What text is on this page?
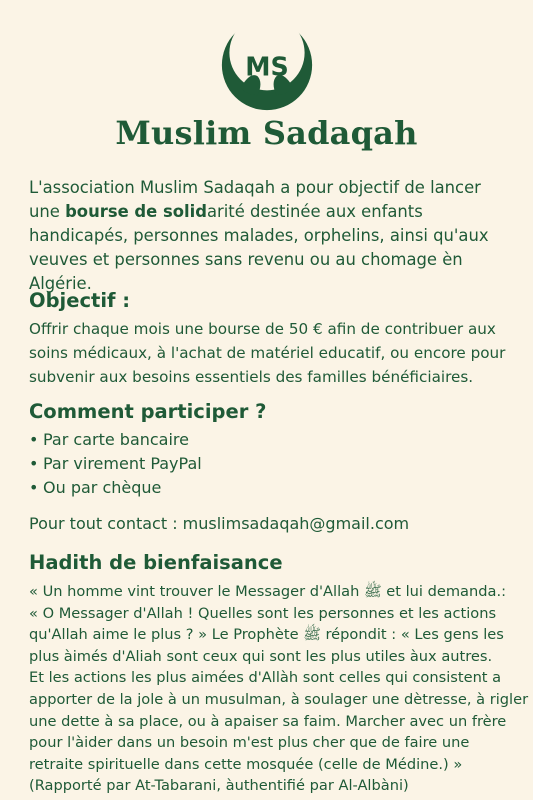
MS
Muslim Sadaqah
L'association Muslim Sadaqah a pour objectif de lancer une bourse de solidarité destinée aux enfants handicapés, personnes malades, orphelins, ainsi qu'aux veuves et personnes sans revenu ou au chomage èn Algérie.
Objectif :

Offrir chaque mois une bourse de 50 € afin de contribuer aux soins médicaux, à l'achat de matériel educatif, ou encore pour subvenir aux besoins essentiels des familles bénéficiaires.

Comment participer ?
• Par carte bancaire
• Par virement PayPal
• Ou par chèque
Pour tout contact : muslimsadaqah@gmail.com
Hadith de bienfaisance
« Un homme vint trouver le Messager d'Allah ﷺ et lui demanda.:
« O Messager d'Allah ! Quelles sont les personnes et les actions
qu'Allah aime le plus ? » Le Prophète ﷺ répondit : « Les gens les
plus àimés d'Aliah sont ceux qui sont les plus utiles àux autres.
Et les actions les plus aimées d'Allàh sont celles qui consistent a
apporter de la jole à un musulman, à soulager une dètresse, à rigler
une dette à sa place, ou à apaiser sa faim. Marcher avec un frère
pour l'àider dans un besoin m'est plus cher que de faire une
retraite spirituelle dans cette mosquée (celle de Médine.) »
(Rapporté par At-Tabarani, àuthentifié par Al-Albàni)
